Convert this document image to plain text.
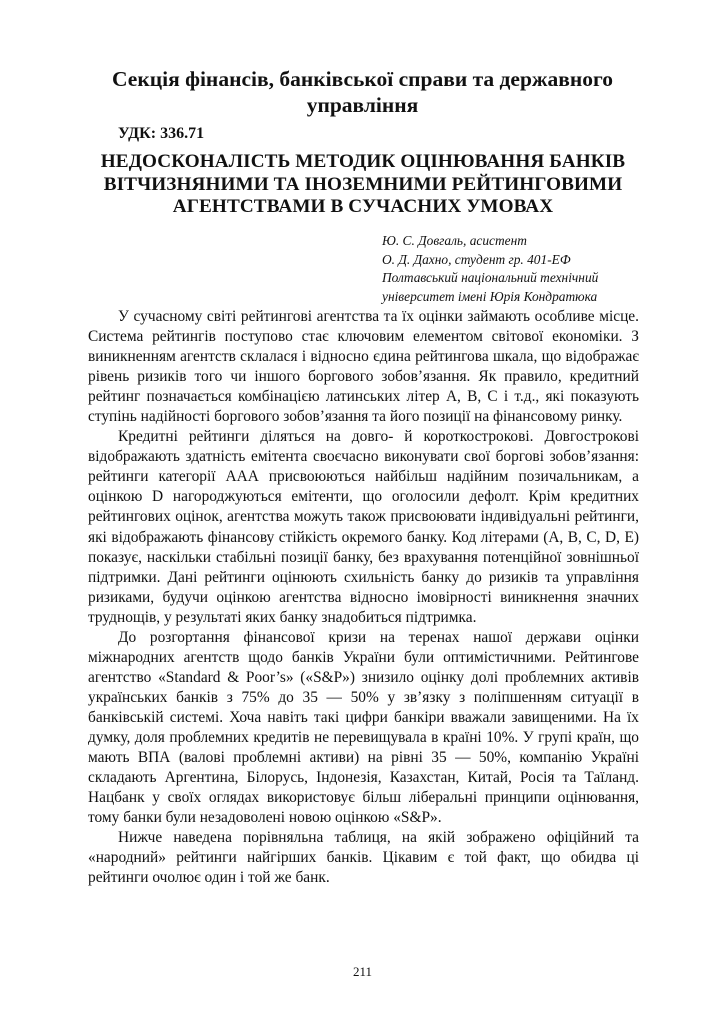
Секція фінансів, банківської справи та державного управління
УДК: 336.71
НЕДОСКОНАЛІСТЬ МЕТОДИК ОЦІНЮВАННЯ БАНКІВ ВІТЧИЗНЯНИМИ ТА ІНОЗЕМНИМИ РЕЙТИНГОВИМИ АГЕНТСТВАМИ В СУЧАСНИХ УМОВАХ
Ю. С. Довгаль, асистент
О. Д. Дахно, студент гр. 401-ЕФ
Полтавський національний технічний
університет імені Юрія Кондратюка

У сучасному світі рейтингові агентства та їх оцінки займають особливе місце. Система рейтингів поступово стає ключовим елементом світової економіки. З виникненням агентств склалася і відносно єдина рейтингова шкала, що відображає рівень ризиків того чи іншого боргового зобов’язання. Як правило, кредитний рейтинг позначається комбінацією латинських літер A, B, C і т.д., які показують ступінь надійності боргового зобов’язання та його позиції на фінансовому ринку.

Кредитні рейтинги діляться на довго- й короткострокові. Довгострокові відображають здатність емітента своєчасно виконувати свої боргові зобов’язання: рейтинги категорії ААА присвоюються найбільш надійним позичальникам, а оцінкою D нагороджуються емітенти, що оголосили дефолт. Крім кредитних рейтингових оцінок, агентства можуть також присвоювати індивідуальні рейтинги, які відображають фінансову стійкість окремого банку. Код літерами (A, B, C, D, E) показує, наскільки стабільні позиції банку, без врахування потенційної зовнішньої підтримки. Дані рейтинги оцінюють схильність банку до ризиків та управління ризиками, будучи оцінкою агентства відносно імовірності виникнення значних труднощів, у результаті яких банку знадобиться підтримка.

До розгортання фінансової кризи на теренах нашої держави оцінки міжнародних агентств щодо банків України були оптимістичними. Рейтингове агентство «Standard & Poor’s» («S&P») знизило оцінку долі проблемних активів українських банків з 75% до 35 — 50% у зв’язку з поліпшенням ситуації в банківській системі. Хоча навіть такі цифри банкіри вважали завищеними. На їх думку, доля проблемних кредитів не перевищувала в країні 10%. У групі країн, що мають ВПА (валові проблемні активи) на рівні 35 — 50%, компанію Україні складають Аргентина, Білорусь, Індонезія, Казахстан, Китай, Росія та Таїланд. Нацбанк у своїх оглядах використовує більш ліберальні принципи оцінювання, тому банки були незадоволені новою оцінкою «S&P».

Нижче наведена порівняльна таблиця, на якій зображено офіційний та «народний» рейтинги найгірших банків. Цікавим є той факт, що обидва ці рейтинги очолює один і той же банк.

211
